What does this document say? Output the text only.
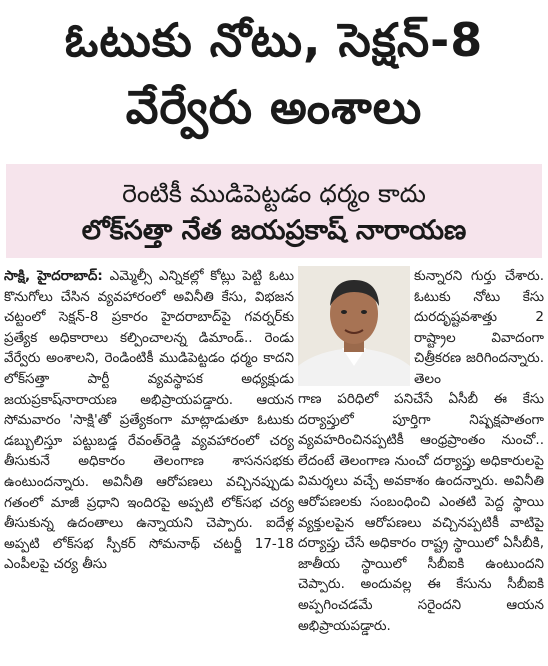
ఓటుకు నోటు, సెక్షన్-8
వేర్వేరు అంశాలు
రెంటికీ ముడిపెట్టడం ధర్మం కాదు
లోక్‌సత్తా నేత జయప్రకాష్ నారాయణ

సాక్షి, హైదరాబాద్: ఎమ్మెల్సీ ఎన్నికల్లో కోట్లు పెట్టి ఓటు కొనుగోలు చేసిన వ్యవహారంలో అవినీతి కేసు, విభజన చట్టంలో సెక్షన్-8 ప్రకారం హైదరాబాద్‌పై గవర్నర్‌కు ప్రత్యేక అధికారాలు కల్పించాలన్న డిమాండ్.. రెండు వేర్వేరు అంశాలని, రెండింటికీ ముడిపెట్టడం ధర్మం కాదని లోక్‌సత్తా పార్టీ వ్యవస్థాపక అధ్యక్షుడు జయప్రకాష్‌నారాయణ అభిప్రాయపడ్డారు. ఆయన సోమవారం 'సాక్షి'తో ప్రత్యేకంగా మాట్లాడుతూ ఓటుకు డబ్బులిస్తూ పట్టుబడ్డ రేవంత్‌రెడ్డి వ్యవహారంలో చర్య తీసుకునే అధికారం తెలంగాణ శాసనసభకు ఉంటుందన్నారు. అవినీతి ఆరోపణలు వచ్చినప్పుడు గతంలో మాజీ ప్రధాని ఇందిరపై అప్పటి లోక్‌సభ చర్య తీసుకున్న ఉదంతాలు ఉన్నాయని చెప్పారు. ఐదేళ్ల అప్పటి లోక్‌సభ స్పీకర్ సోమనాథ్ చటర్జీ 17-18 ఎంపీలపై చర్య తీసు

కున్నారని గుర్తు చేశారు. ఓటుకు నోటు కేసు దురదృష్టవశాత్తు 2 రాష్ట్రాల వివాదంగా చిత్రీకరణ జరిగిందన్నారు. తెలం

గాణ పరిధిలో పనిచేసే ఏసీబీ ఈ కేసు దర్యాప్తులో పూర్తిగా నిష్పక్షపాతంగా వ్యవహరించినప్పటికీ ఆంధ్రప్రాంతం నుంచో.. లేదంటే తెలంగాణ నుంచో దర్యాప్తు అధికారులపై విమర్శలు వచ్చే అవకాశం ఉందన్నారు. అవినీతి ఆరోపణలకు సంబంధించి ఎంతటి పెద్ద స్థాయి వ్యక్తులపైన ఆరోపణలు వచ్చినప్పటికీ వాటిపై దర్యాప్తు చేసే అధికారం రాష్ట్ర స్థాయిలో ఏసీబీకి, జాతీయ స్థాయిలో సీబీఐకి ఉంటుందని చెప్పారు. అందువల్ల ఈ కేసును సీబీఐకి అప్పగించడమే సరైందని ఆయన అభిప్రాయపడ్డారు.
